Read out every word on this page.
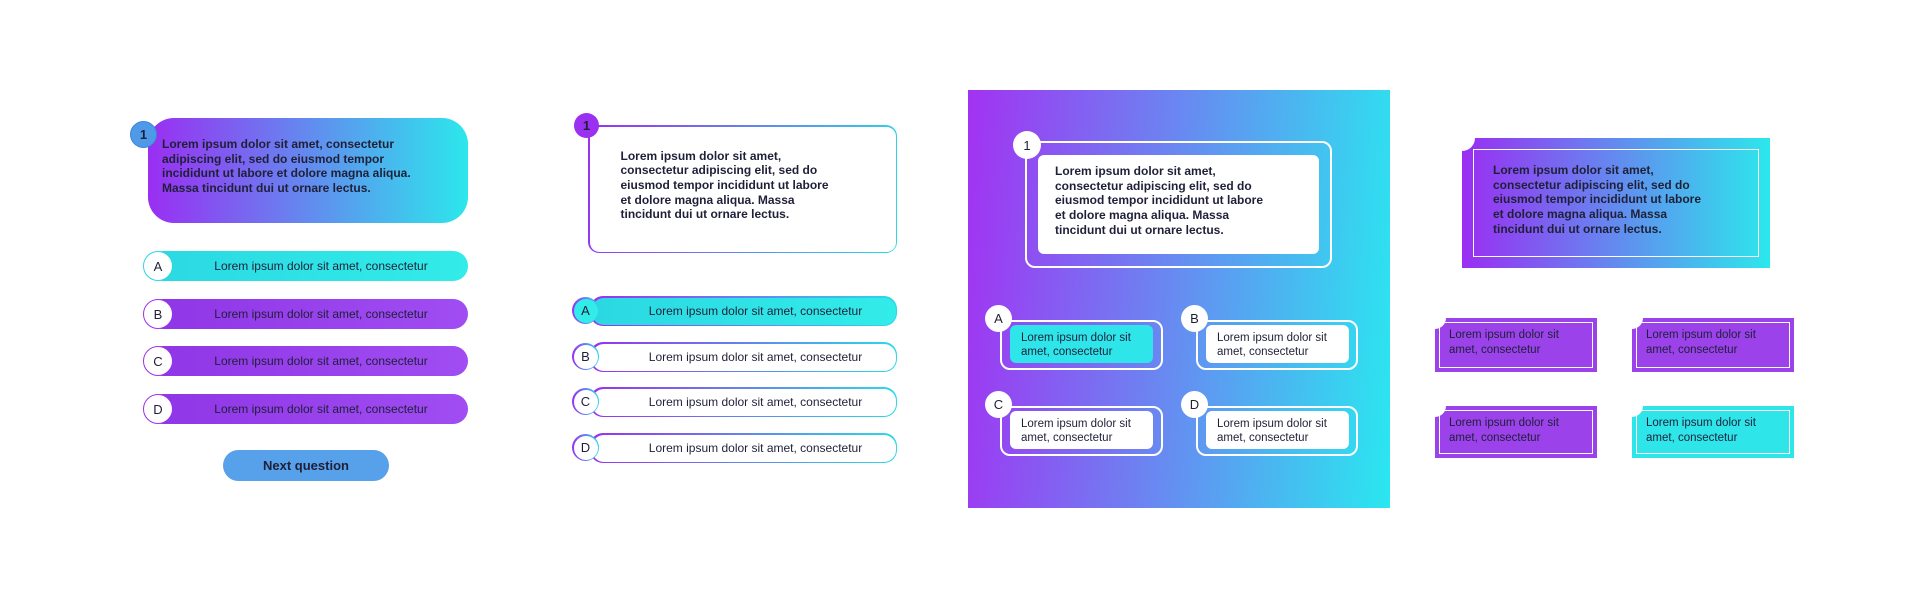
1
Lorem ipsum dolor sit amet, consectetur
adipiscing elit, sed do eiusmod tempor
incididunt ut labore et dolore magna aliqua.
Massa tincidunt dui ut ornare lectus.
A	Lorem ipsum dolor sit amet, consectetur
B	Lorem ipsum dolor sit amet, consectetur
C	Lorem ipsum dolor sit amet, consectetur
D	Lorem ipsum dolor sit amet, consectetur
Next question
1
Lorem ipsum dolor sit amet,
consectetur adipiscing elit, sed do
eiusmod tempor incididunt ut labore
et dolore magna aliqua. Massa
tincidunt dui ut ornare lectus.
Lorem ipsum dolor sit amet, consectetur
A
Lorem ipsum dolor sit amet, consectetur
B
Lorem ipsum dolor sit amet, consectetur
C
Lorem ipsum dolor sit amet, consectetur
D
1
Lorem ipsum dolor sit amet,
consectetur adipiscing elit, sed do
eiusmod tempor incididunt ut labore
et dolore magna aliqua. Massa
tincidunt dui ut ornare lectus.
A
Lorem ipsum dolor sit
amet, consectetur
B
Lorem ipsum dolor sit
amet, consectetur
C
Lorem ipsum dolor sit
amet, consectetur
D
Lorem ipsum dolor sit
amet, consectetur
Lorem ipsum dolor sit amet,
consectetur adipiscing elit, sed do
eiusmod tempor incididunt ut labore
et dolore magna aliqua. Massa
tincidunt dui ut ornare lectus.
Lorem ipsum dolor sit
amet, consectetur
Lorem ipsum dolor sit
amet, consectetur
Lorem ipsum dolor sit
amet, consectetur
Lorem ipsum dolor sit
amet, consectetur
